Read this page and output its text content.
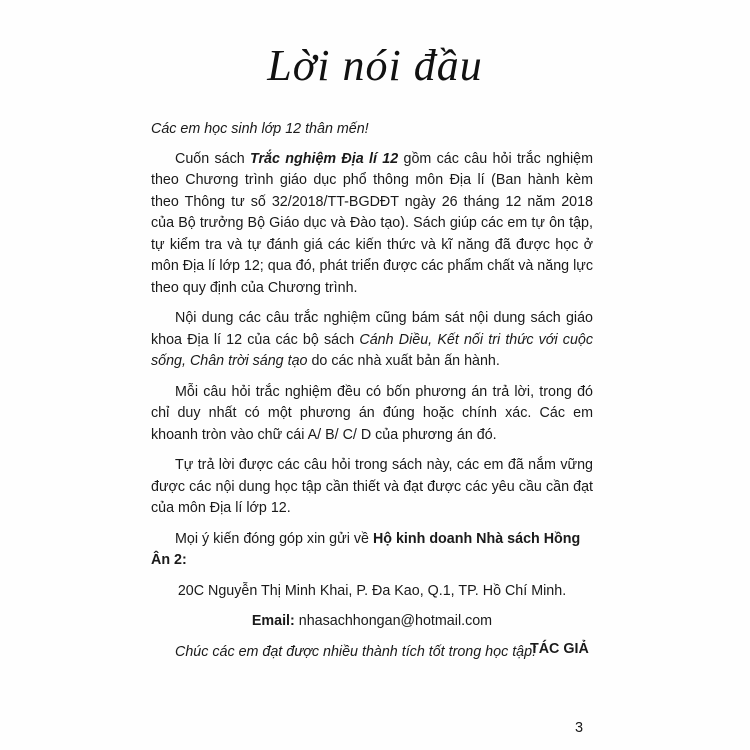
Lời nói đầu

Các em học sinh lớp 12 thân mến!

Cuốn sách Trắc nghiệm Địa lí 12 gồm các câu hỏi trắc nghiệm theo Chương trình giáo dục phổ thông môn Địa lí (Ban hành kèm theo Thông tư số 32/2018/TT-BGDĐT ngày 26 tháng 12 năm 2018 của Bộ trưởng Bộ Giáo dục và Đào tạo). Sách giúp các em tự ôn tập, tự kiểm tra và tự đánh giá các kiến thức và kĩ năng đã được học ở môn Địa lí lớp 12; qua đó, phát triển được các phẩm chất và năng lực theo quy định của Chương trình.

Nội dung các câu trắc nghiệm cũng bám sát nội dung sách giáo khoa Địa lí 12 của các bộ sách Cánh Diều, Kết nối tri thức với cuộc sống, Chân trời sáng tạo do các nhà xuất bản ấn hành.

Mỗi câu hỏi trắc nghiệm đều có bốn phương án trả lời, trong đó chỉ duy nhất có một phương án đúng hoặc chính xác. Các em khoanh tròn vào chữ cái A/ B/ C/ D của phương án đó.

Tự trả lời được các câu hỏi trong sách này, các em đã nắm vững được các nội dung học tập cần thiết và đạt được các yêu cầu cần đạt của môn Địa lí lớp 12.

Mọi ý kiến đóng góp xin gửi về Hộ kinh doanh Nhà sách Hồng Ân 2:

20C Nguyễn Thị Minh Khai, P. Đa Kao, Q.1, TP. Hồ Chí Minh.

Email: nhasachhongan@hotmail.com

Chúc các em đạt được nhiều thành tích tốt trong học tập!

TÁC GIẢ
3
